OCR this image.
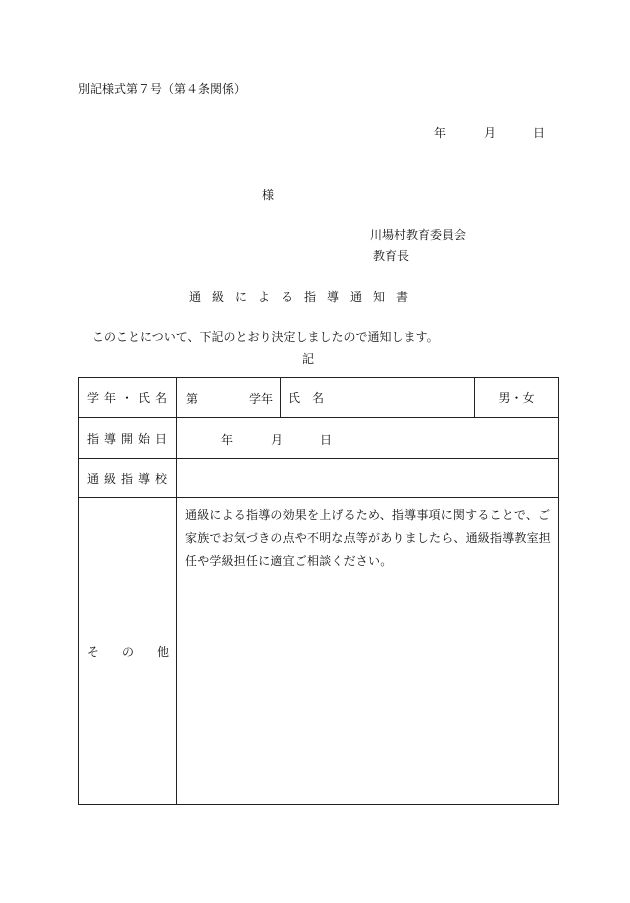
別記様式第７号（第４条関係）
年	月	日
様
川場村教育委員会
教育長
通級による指導通知書
このことについて、下記のとおり決定しましたので通知します。
記
学年・氏名	第 学年	氏　名	男・女
指導開始日	年 月 日		

通級指導校			
そ の 他	通級による指導の効果を上げるため、指導事項に関することで、ご家族でお気づきの点や不明な点等がありましたら、通級指導教室担任や学級担任に適宜ご相談ください。		
